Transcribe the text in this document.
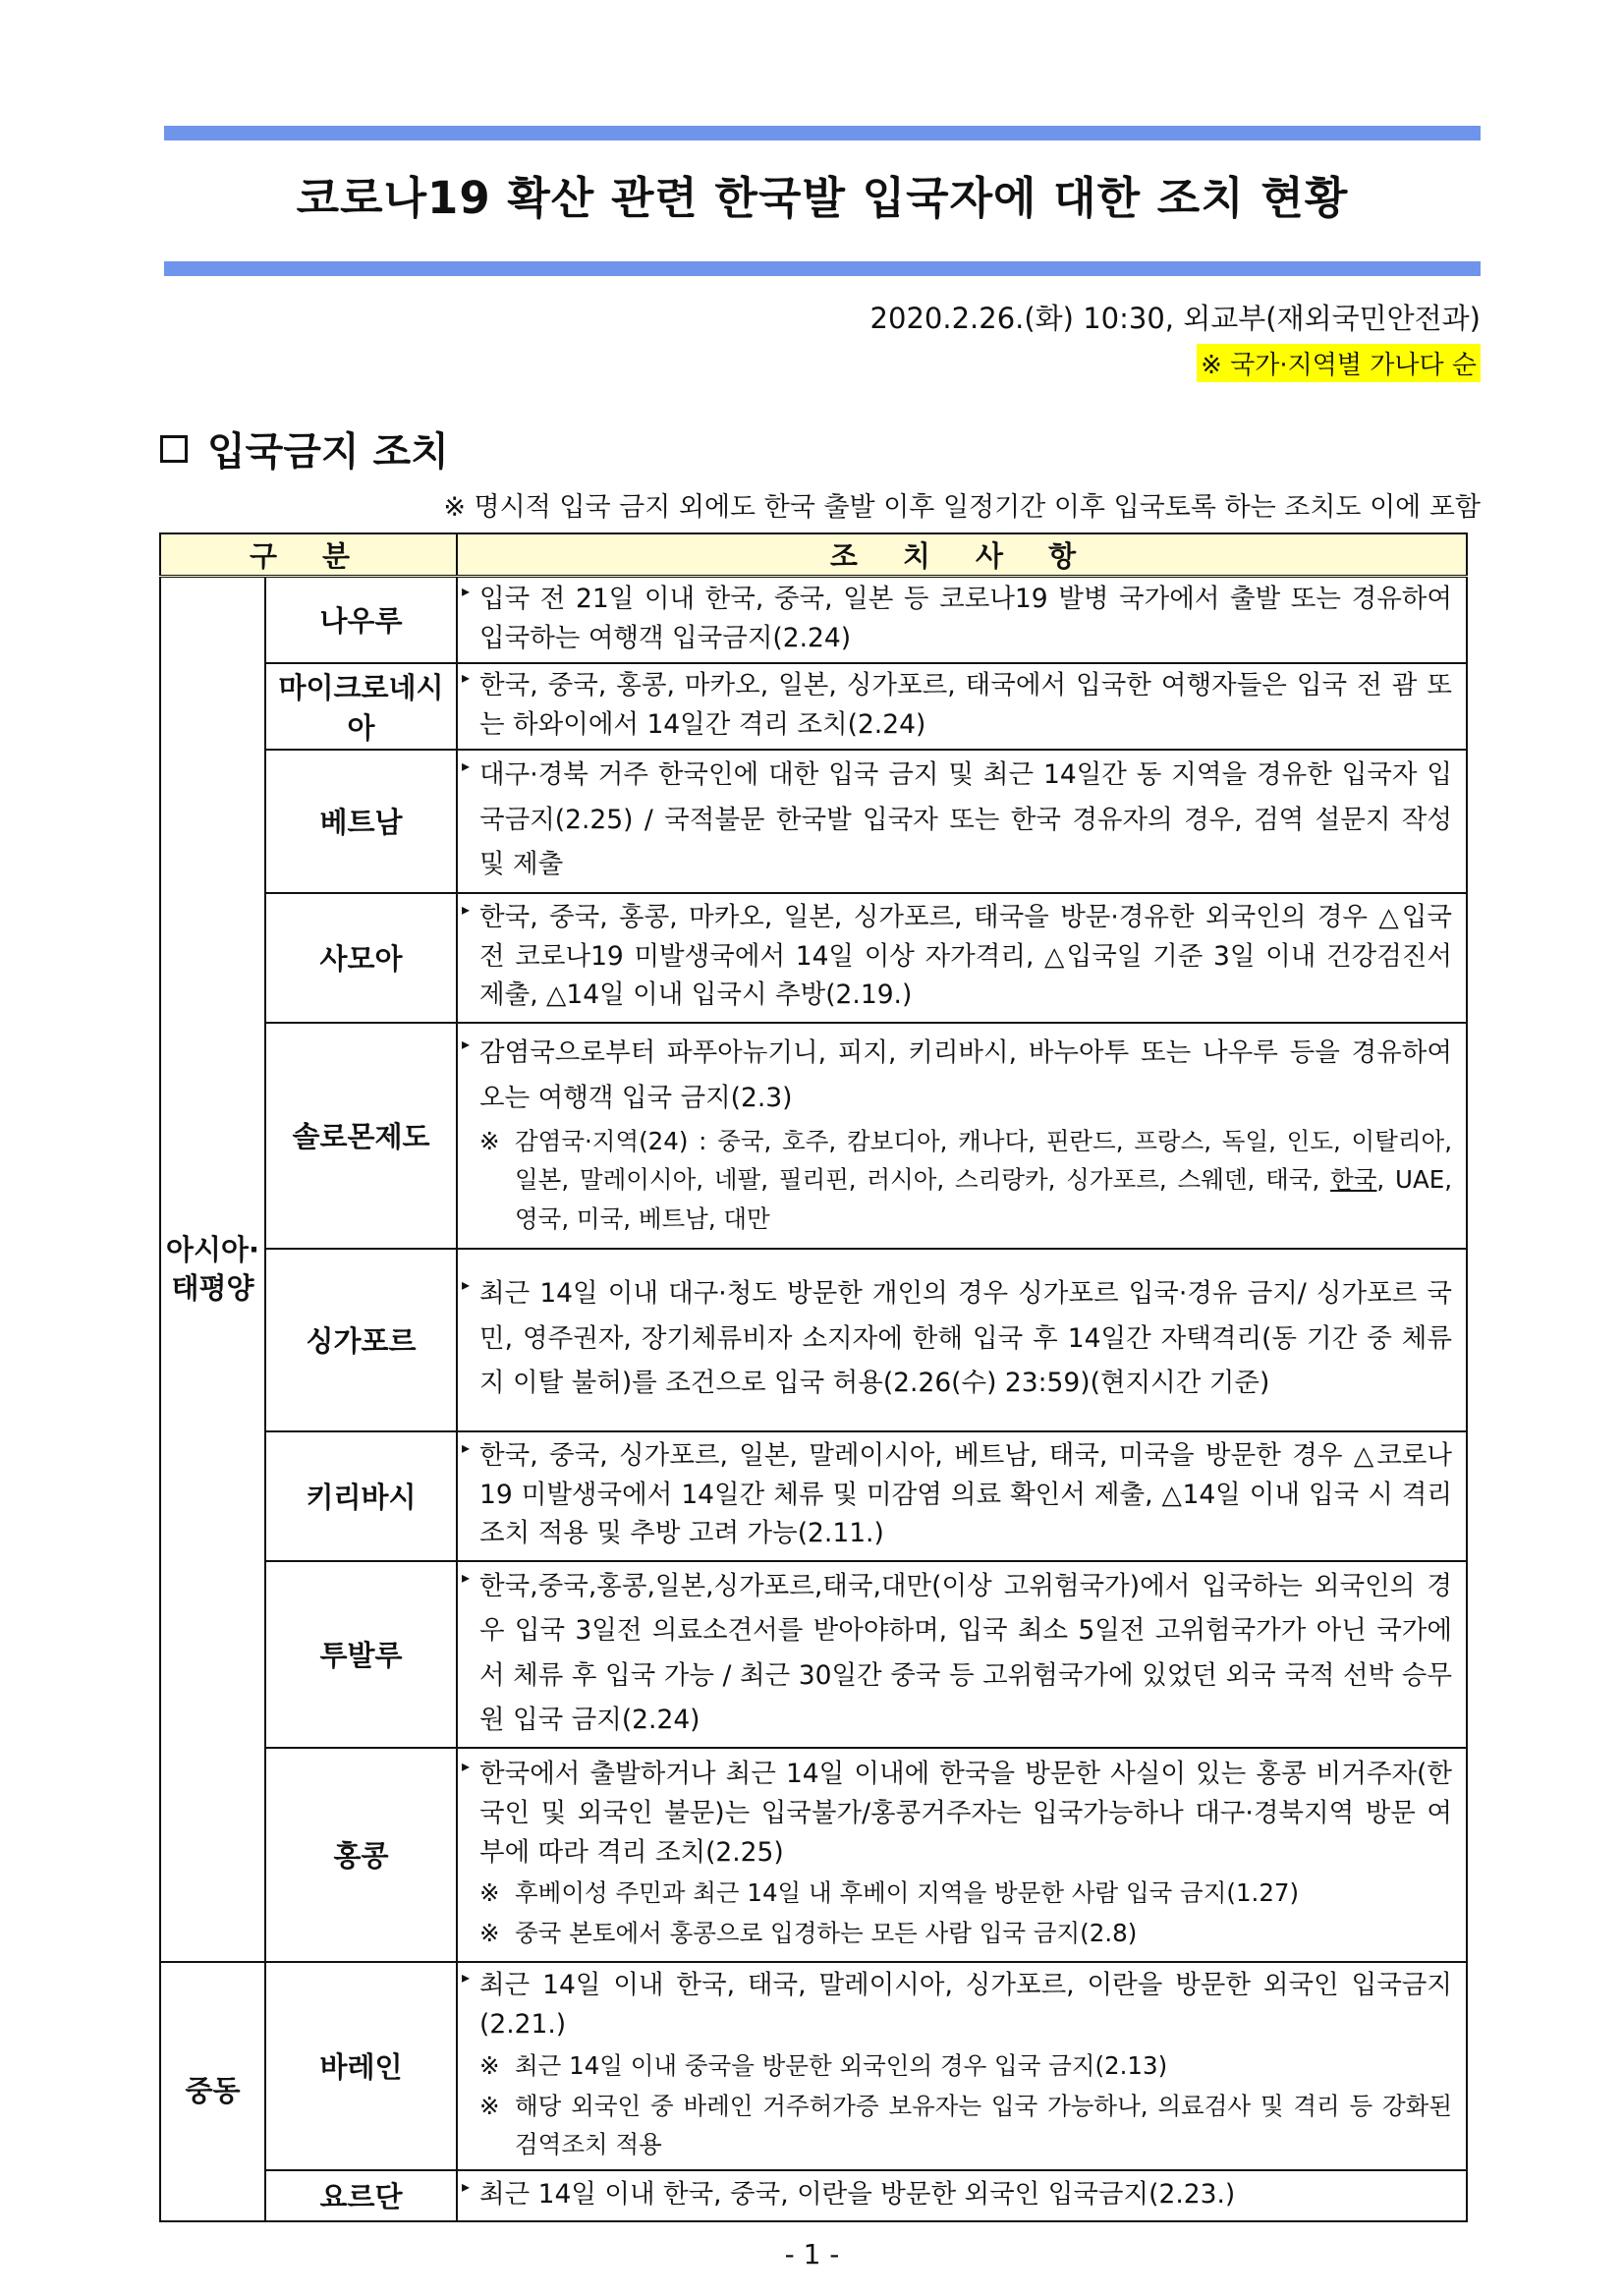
코로나19 확산 관련 한국발 입국자에 대한 조치 현황
2020.2.26.(화) 10:30, 외교부(재외국민안전과)
※ 국가·지역별 가나다 순
입국금지 조치
※ 명시적 입국 금지 외에도 한국 출발 이후 일정기간 이후 입국토록 하는 조치도 이에 포함
구 분		조 치 사 항
아시아·태평양	나우루	▸ 입국 전 21일 이내 한국, 중국, 일본 등 코로나19 발병 국가에서 출발 또는 경유하여 입국하는 여행객 입국금지(2.24)

	마이크로네시아	▸ 한국, 중국, 홍콩, 마카오, 일본, 싱가포르, 태국에서 입국한 여행자들은 입국 전 괌 또는 하와이에서 14일간 격리 조치(2.24)

	베트남	▸ 대구·경북 거주 한국인에 대한 입국 금지 및 최근 14일간 동 지역을 경유한 입국자 입국금지(2.25) / 국적불문 한국발 입국자 또는 한국 경유자의 경우, 검역 설문지 작성 및 제출

	사모아	▸ 한국, 중국, 홍콩, 마카오, 일본, 싱가포르, 태국을 방문·경유한 외국인의 경우 △입국 전 코로나19 미발생국에서 14일 이상 자가격리, △입국일 기준 3일 이내 건강검진서 제출, △14일 이내 입국시 추방(2.19.)

	솔로몬제도	▸ 감염국으로부터 파푸아뉴기니, 피지, 키리바시, 바누아투 또는 나우루 등을 경유하여 오는 여행객 입국 금지(2.3)
※ 감염국·지역(24) : 중국, 호주, 캄보디아, 캐나다, 핀란드, 프랑스, 독일, 인도, 이탈리아, 일본, 말레이시아, 네팔, 필리핀, 러시아, 스리랑카, 싱가포르, 스웨덴, 태국, 한국, UAE, 영국, 미국, 베트남, 대만

	싱가포르	▸ 최근 14일 이내 대구·청도 방문한 개인의 경우 싱가포르 입국·경유 금지/ 싱가포르 국민, 영주권자, 장기체류비자 소지자에 한해 입국 후 14일간 자택격리(동 기간 중 체류지 이탈 불허)를 조건으로 입국 허용(2.26(수) 23:59)(현지시간 기준)

	키리바시	▸ 한국, 중국, 싱가포르, 일본, 말레이시아, 베트남, 태국, 미국을 방문한 경우 △코로나19 미발생국에서 14일간 체류 및 미감염 의료 확인서 제출, △14일 이내 입국 시 격리조치 적용 및 추방 고려 가능(2.11.)

	투발루	▸ 한국,중국,홍콩,일본,싱가포르,태국,대만(이상 고위험국가)에서 입국하는 외국인의 경우 입국 3일전 의료소견서를 받아야하며, 입국 최소 5일전 고위험국가가 아닌 국가에서 체류 후 입국 가능 / 최근 30일간 중국 등 고위험국가에 있었던 외국 국적 선박 승무원 입국 금지(2.24)

	홍콩	▸ 한국에서 출발하거나 최근 14일 이내에 한국을 방문한 사실이 있는 홍콩 비거주자(한국인 및 외국인 불문)는 입국불가/홍콩거주자는 입국가능하나 대구·경북지역 방문 여부에 따라 격리 조치(2.25)
※ 후베이성 주민과 최근 14일 내 후베이 지역을 방문한 사람 입국 금지(1.27)
※ 중국 본토에서 홍콩으로 입경하는 모든 사람 입국 금지(2.8)

중동	바레인	▸ 최근 14일 이내 한국, 태국, 말레이시아, 싱가포르, 이란을 방문한 외국인 입국금지(2.21.)
※ 최근 14일 이내 중국을 방문한 외국인의 경우 입국 금지(2.13)
※ 해당 외국인 중 바레인 거주허가증 보유자는 입국 가능하나, 의료검사 및 격리 등 강화된 검역조치 적용

	요르단	▸ 최근 14일 이내 한국, 중국, 이란을 방문한 외국인 입국금지(2.23.)
- 1 -
